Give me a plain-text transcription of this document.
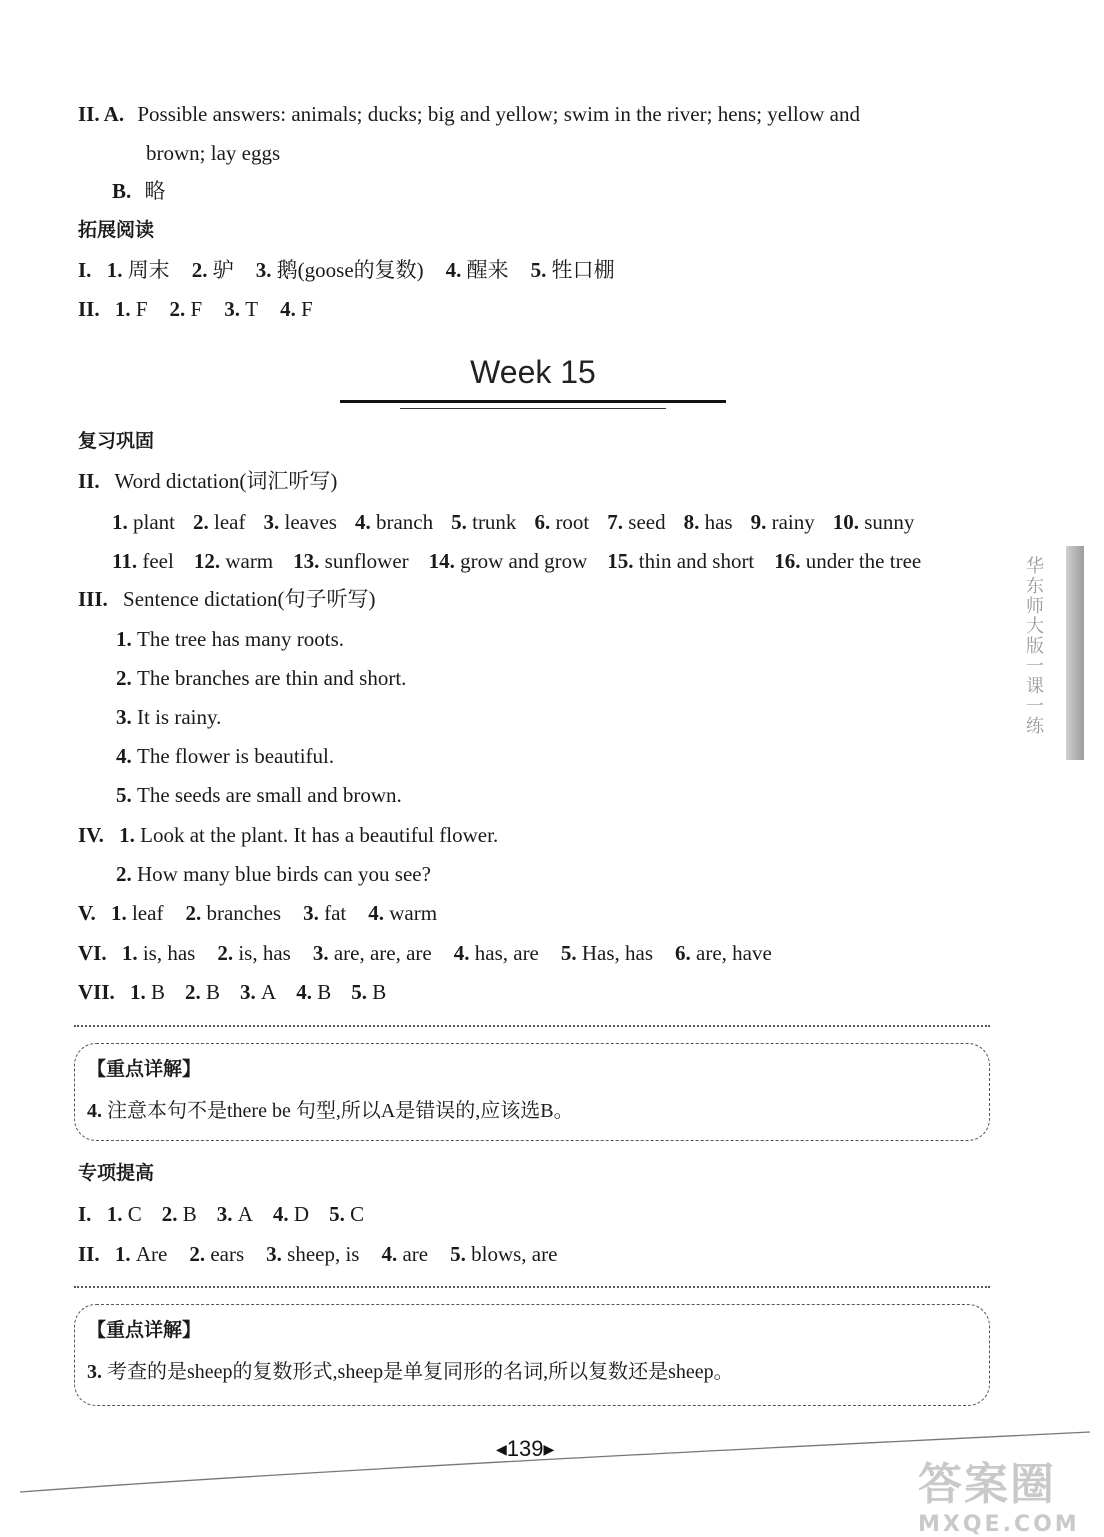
II. A. Possible answers: animals; ducks; big and yellow; swim in the river; hens; yellow and
brown; lay eggs
B. 略
拓展阅读
I. 1. 周末 2. 驴 3. 鹅(goose的复数) 4. 醒来 5. 牲口棚
II. 1. F 2. F 3. T 4. F
Week 15
复习巩固
II. Word dictation(词汇听写)
1. plant 2. leaf 3. leaves 4. branch 5. trunk 6. root 7. seed 8. has 9. rainy 10. sunny
11. feel 12. warm 13. sunflower 14. grow and grow 15. thin and short 16. under the tree
III. Sentence dictation(句子听写)
1. The tree has many roots.
2. The branches are thin and short.
3. It is rainy.
4. The flower is beautiful.
5. The seeds are small and brown.
IV. 1. Look at the plant. It has a beautiful flower.
2. How many blue birds can you see?
V. 1. leaf 2. branches 3. fat 4. warm
VI. 1. is, has 2. is, has 3. are, are, are 4. has, are 5. Has, has 6. are, have
VII. 1. B 2. B 3. A 4. B 5. B
【重点详解】
4. 注意本句不是there be 句型,所以A是错误的,应该选B。
专项提高
I. 1. C 2. B 3. A 4. D 5. C
II. 1. Are 2. ears 3. sheep, is 4. are 5. blows, are
【重点详解】
3. 考查的是sheep的复数形式,sheep是单复同形的名词,所以复数还是sheep。
华东师大版一课一练
◀139▶
答案圈
MXQE.COM
